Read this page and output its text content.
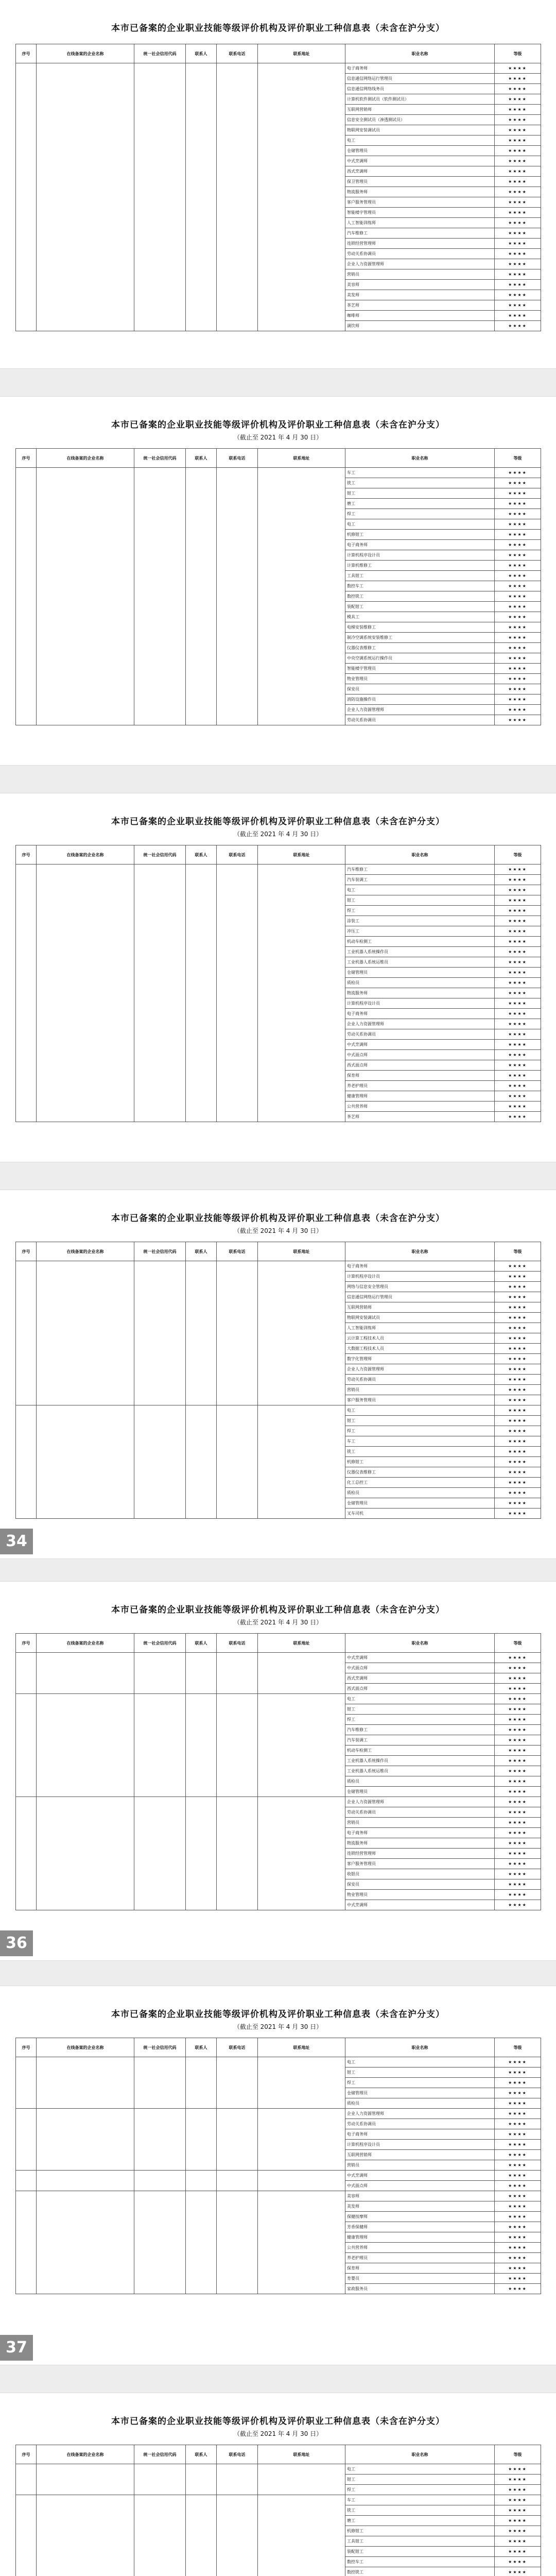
本市已备案的企业职业技能等级评价机构及评价职业工种信息表（未含在沪分支）
序号	在线备案的企业名称	统一社会信用代码	联系人	联系电话	联系地址	职业名称	等级
						电子商务师	★★★★
						信息通信网络运行管理员	★★★★
						信息通信网络线务员	★★★★
						计算机软件测试员（软件测试员）	★★★★
						互联网营销师	★★★★
						信息安全测试员（渗透测试员）	★★★★
						物联网安装调试员	★★★★
						电工	★★★★
						仓储管理员	★★★★
						中式烹调师	★★★★
						西式烹调师	★★★★
						保卫管理员	★★★★
						物流服务师	★★★★
						客户服务管理员	★★★★
						智能楼宇管理员	★★★★
						人工智能训练师	★★★★
						汽车维修工	★★★★
						连锁经营管理师	★★★★
						劳动关系协调员	★★★★
						企业人力资源管理师	★★★★
						营销员	★★★★
						美容师	★★★★
						美发师	★★★★
						茶艺师	★★★★
						咖啡师	★★★★
						调饮师	★★★★
本市已备案的企业职业技能等级评价机构及评价职业工种信息表（未含在沪分支）
（截止至 2021 年 4 月 30 日）
序号	在线备案的企业名称	统一社会信用代码	联系人	联系电话	联系地址	职业名称	等级
						车工	★★★★
						铣工	★★★★
						钳工	★★★★
						磨工	★★★★
						焊工	★★★★
						电工	★★★★
						机修钳工	★★★★
						电子商务师	★★★★
						计算机程序设计员	★★★★
						计算机维修工	★★★★
						工具钳工	★★★★
						数控车工	★★★★
						数控铣工	★★★★
						装配钳工	★★★★
						模具工	★★★★
						电梯安装维修工	★★★★
						制冷空调系统安装维修工	★★★★
						仪器仪表维修工	★★★★
						中央空调系统运行操作员	★★★★
						智能楼宇管理员	★★★★
						物业管理员	★★★★
						保安员	★★★★
						消防设施操作员	★★★★
						企业人力资源管理师	★★★★
						劳动关系协调员	★★★★
本市已备案的企业职业技能等级评价机构及评价职业工种信息表（未含在沪分支）
（截止至 2021 年 4 月 30 日）
序号	在线备案的企业名称	统一社会信用代码	联系人	联系电话	联系地址	职业名称	等级
						汽车维修工	★★★★
						汽车装调工	★★★★
						电工	★★★★
						钳工	★★★★
						焊工	★★★★
						涂装工	★★★★
						冲压工	★★★★
						机动车检测工	★★★★
						工业机器人系统操作员	★★★★
						工业机器人系统运维员	★★★★
						仓储管理员	★★★★
						质检员	★★★★
						物流服务师	★★★★
						计算机程序设计员	★★★★
						电子商务师	★★★★
						企业人力资源管理师	★★★★
						劳动关系协调员	★★★★
						中式烹调师	★★★★
						中式面点师	★★★★
						西式面点师	★★★★
						保育师	★★★★
						养老护理员	★★★★
						健康管理师	★★★★
						公共营养师	★★★★
						茶艺师	★★★★
本市已备案的企业职业技能等级评价机构及评价职业工种信息表（未含在沪分支）
（截止至 2021 年 4 月 30 日）
序号	在线备案的企业名称	统一社会信用代码	联系人	联系电话	联系地址	职业名称	等级
						电子商务师	★★★★
						计算机程序设计员	★★★★
						网络与信息安全管理员	★★★★
						信息通信网络运行管理员	★★★★
						互联网营销师	★★★★
						物联网安装调试员	★★★★
						人工智能训练师	★★★★
						云计算工程技术人员	★★★★
						大数据工程技术人员	★★★★
						数字化管理师	★★★★
						企业人力资源管理师	★★★★
						劳动关系协调员	★★★★
						营销员	★★★★
						客户服务管理员	★★★★
						电工	★★★★
						钳工	★★★★
						焊工	★★★★
						车工	★★★★
						铣工	★★★★
						机修钳工	★★★★
						仪器仪表维修工	★★★★
						化工总控工	★★★★
						质检员	★★★★
						仓储管理员	★★★★
						叉车司机	★★★★
34
本市已备案的企业职业技能等级评价机构及评价职业工种信息表（未含在沪分支）
（截止至 2021 年 4 月 30 日）
序号	在线备案的企业名称	统一社会信用代码	联系人	联系电话	联系地址	职业名称	等级
						中式烹调师	★★★★
						中式面点师	★★★★
						西式烹调师	★★★★
						西式面点师	★★★★
						电工	★★★★
						钳工	★★★★
						焊工	★★★★
						汽车维修工	★★★★
						汽车装调工	★★★★
						机动车检测工	★★★★
						工业机器人系统操作员	★★★★
						工业机器人系统运维员	★★★★
						质检员	★★★★
						仓储管理员	★★★★
						企业人力资源管理师	★★★★
						劳动关系协调员	★★★★
						营销员	★★★★
						电子商务师	★★★★
						物流服务师	★★★★
						连锁经营管理师	★★★★
						客户服务管理员	★★★★
						收银员	★★★★
						保安员	★★★★
						物业管理员	★★★★
						中式烹调师	★★★★
36
本市已备案的企业职业技能等级评价机构及评价职业工种信息表（未含在沪分支）
（截止至 2021 年 4 月 30 日）
序号	在线备案的企业名称	统一社会信用代码	联系人	联系电话	联系地址	职业名称	等级
						电工	★★★★
						钳工	★★★★
						焊工	★★★★
						仓储管理员	★★★★
						质检员	★★★★
						企业人力资源管理师	★★★★
						劳动关系协调员	★★★★
						电子商务师	★★★★
						计算机程序设计员	★★★★
						互联网营销师	★★★★
						营销员	★★★★
						中式烹调师	★★★★
						中式面点师	★★★★
						美容师	★★★★
						美发师	★★★★
						保健按摩师	★★★★
						芳香保健师	★★★★
						健康管理师	★★★★
						公共营养师	★★★★
						养老护理员	★★★★
						保育师	★★★★
						育婴员	★★★★
						家政服务员	★★★★
37
本市已备案的企业职业技能等级评价机构及评价职业工种信息表（未含在沪分支）
（截止至 2021 年 4 月 30 日）
序号	在线备案的企业名称	统一社会信用代码	联系人	联系电话	联系地址	职业名称	等级
						电工	★★★★
						钳工	★★★★
						焊工	★★★★
						车工	★★★★
						铣工	★★★★
						磨工	★★★★
						机修钳工	★★★★
						工具钳工	★★★★
						装配钳工	★★★★
						数控车工	★★★★
						数控铣工	★★★★
